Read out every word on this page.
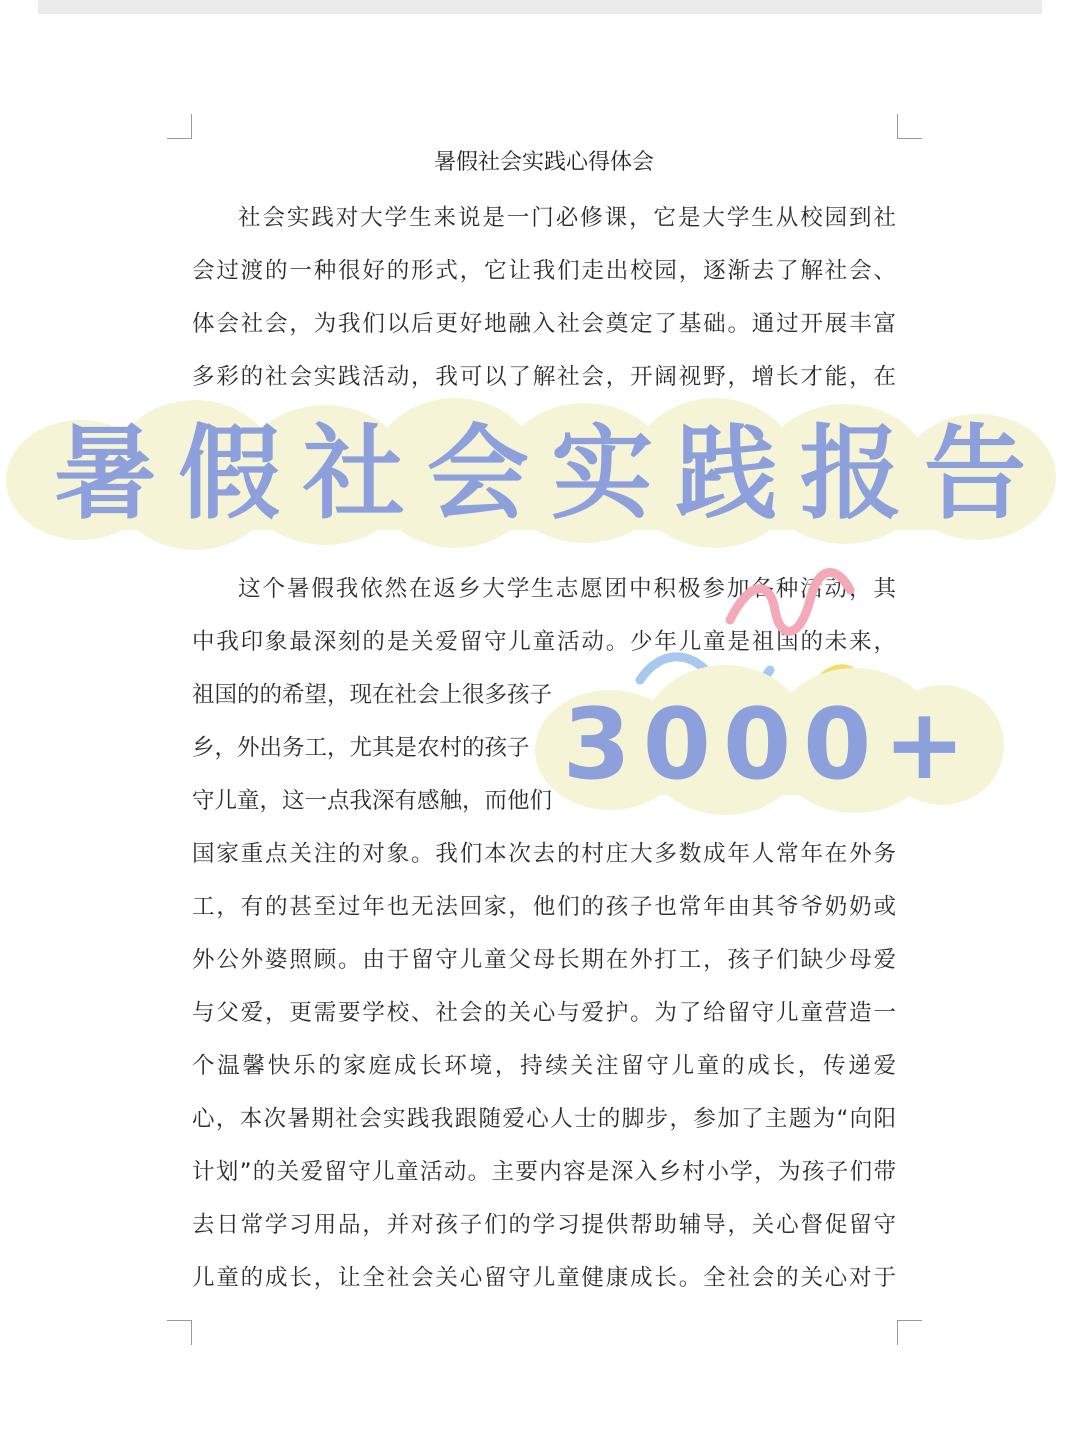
暑假社会实践心得体会
社会实践对大学生来说是一门必修课，它是大学生从校园到社
会过渡的一种很好的形式，它让我们走出校园，逐渐去了解社会、
体会社会，为我们以后更好地融入社会奠定了基础。通过开展丰富
多彩的社会实践活动，我可以了解社会，开阔视野，增长才能，在
这个暑假我依然在返乡大学生志愿团中积极参加各种活动，其
中我印象最深刻的是关爱留守儿童活动。少年儿童是祖国的未来，
祖国的的希望，现在社会上很多孩子
乡，外出务工，尤其是农村的孩子
守儿童，这一点我深有感触，而他们
国家重点关注的对象。我们本次去的村庄大多数成年人常年在外务
工，有的甚至过年也无法回家，他们的孩子也常年由其爷爷奶奶或
外公外婆照顾。由于留守儿童父母长期在外打工，孩子们缺少母爱
与父爱，更需要学校、社会的关心与爱护。为了给留守儿童营造一
个温馨快乐的家庭成长环境，持续关注留守儿童的成长，传递爱
心，本次暑期社会实践我跟随爱心人士的脚步，参加了主题为“向阳
计划”的关爱留守儿童活动。主要内容是深入乡村小学，为孩子们带
去日常学习用品，并对孩子们的学习提供帮助辅导，关心督促留守
儿童的成长，让全社会关心留守儿童健康成长。全社会的关心对于
暑 假 社 会 实 践 报 告
3000+
